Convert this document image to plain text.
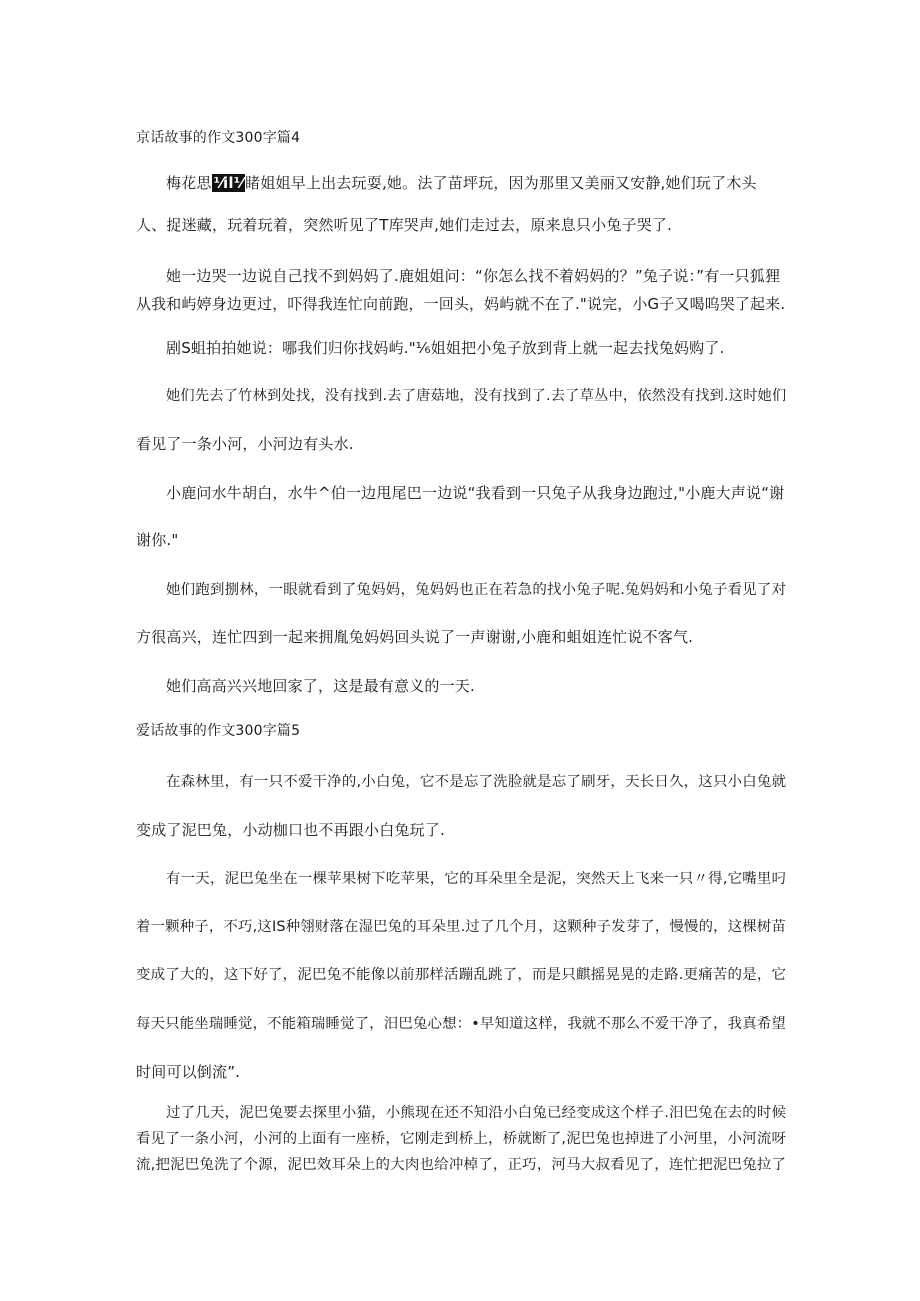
京话故事的作文300字篇4
梅花思 ⅟il⅟ 睹姐姐早上出去玩耍,她。法了苗坪玩，因为那里又美丽又安静,她们玩了木头
人、捉迷藏，玩着玩着，突然听见了T库哭声,她们走过去，原来息只小兔子哭了.
她一边哭一边说自己找不到妈妈了.鹿姐姐问：“你怎么找不着妈妈的？”兔子说：”有一只狐狸
从我和屿婷身边更过，吓得我连忙向前跑，一回头，妈屿就不在了."说完，小G子又喝呜哭了起来.
剧S蛆拍拍她说：哪我们归你找妈屿."⅟₆姐姐把小兔子放到背上就一起去找兔妈购了.
她们先去了竹林到处找，没有找到.去了唐菇地，没有找到了.去了草丛中，依然没有找到.这时她们
看见了一条小河，小河边有头水.
小鹿问水牛胡白，水牛^伯一边甩尾巴一边说“我看到一只兔子从我身边跑过,"小鹿大声说“谢
谢你."
她们跑到捌林，一眼就看到了兔妈妈，兔妈妈也正在若急的找小兔子呢.兔妈妈和小兔子看见了对
方很高兴，连忙四到一起来拥胤兔妈妈回头说了一声谢谢,小鹿和蛆姐连忙说不客气.
她们高高兴兴地回家了，这是最有意义的一天.
爱话故事的作文300字篇5
在森林里，有一只不爱干净的,小白兔，它不是忘了洗脸就是忘了刷牙，天长日久，这只小白兔就
变成了泥巴兔，小动枷口也不再跟小白兔玩了.
有一天，泥巴兔坐在一棵苹果树下吃苹果，它的耳朵里全是泥，突然天上飞来一只〃得,它嘴里叼
着一颗种子，不巧,这IS种翎财落在湿巴兔的耳朵里.过了几个月，这颗种子发芽了，慢慢的，这棵树苗
变成了大的，这下好了，泥巴兔不能像以前那样活蹦乱跳了，而是只麒摇晃晃的走路.更痛苦的是，它
每天只能坐瑞睡觉，不能箱瑞睡觉了，汨巴兔心想：•早知道这样，我就不那么不爱干净了，我真希望
时间可以倒流”.
过了几天，泥巴兔要去探里小猫，小熊现在还不知沿小白兔已经变成这个样子.汨巴兔在去的时候
看见了一条小河，小河的上面有一座桥，它刚走到桥上，桥就断了,泥巴兔也掉进了小河里，小河流呀
流,把泥巴兔洗了个源，泥巴效耳朵上的大肉也给冲棹了，正巧，河马大叔看见了，连忙把泥巴兔拉了
